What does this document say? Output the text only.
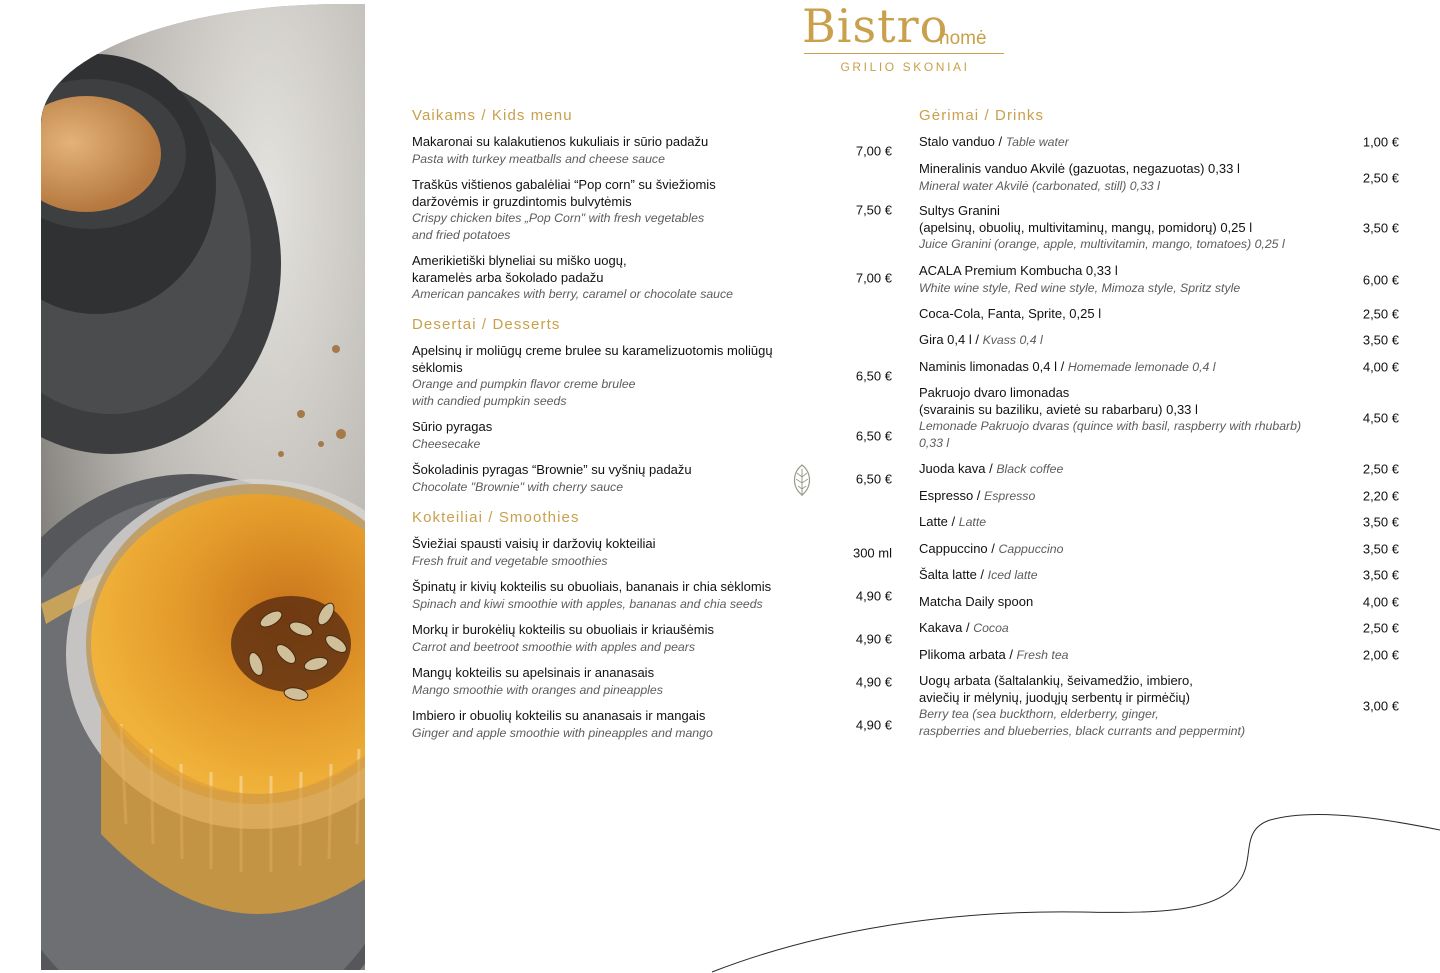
Bistro
nomė
GRILIO SKONIAI
Vaikams / Kids menu
Makaronai su kalakutienos kukuliais ir sūrio padažu
Pasta with turkey meatballs and cheese sauce
7,00 €
Traškūs vištienos gabalėliai “Pop corn” su šviežiomis
daržovėmis ir gruzdintomis bulvytėmis
Crispy chicken bites „Pop Corn" with fresh vegetables
and fried potatoes
7,50 €
Amerikietiški blyneliai su miško uogų,
karamelės arba šokolado padažu
American pancakes with berry, caramel or chocolate sauce
7,00 €
Desertai / Desserts
Apelsinų ir moliūgų creme brulee su karamelizuotomis moliūgų
sėklomis
Orange and pumpkin flavor creme brulee
with candied pumpkin seeds
6,50 €
Sūrio pyragas
Cheesecake
6,50 €
Šokoladinis pyragas “Brownie” su vyšnių padažu
Chocolate "Brownie" with cherry sauce
6,50 €
Kokteiliai / Smoothies
Šviežiai spausti vaisių ir daržovių kokteiliai
Fresh fruit and vegetable smoothies
300 ml
Špinatų ir kivių kokteilis su obuoliais, bananais ir chia sėklomis
Spinach and kiwi smoothie with apples, bananas and chia seeds
4,90 €
Morkų ir burokėlių kokteilis su obuoliais ir kriaušėmis
Carrot and beetroot smoothie with apples and pears
4,90 €
Mangų kokteilis su apelsinais ir ananasais
Mango smoothie with oranges and pineapples
4,90 €
Imbiero ir obuolių kokteilis su ananasais ir mangais
Ginger and apple smoothie with pineapples and mango
4,90 €
Gėrimai / Drinks
Stalo vanduo / Table water	1,00 €
Mineralinis vanduo Akvilė (gazuotas, negazuotas) 0,33 l
Mineral water Akvilė (carbonated, still) 0,33 l
2,50 €
Sultys Granini
(apelsinų, obuolių, multivitaminų, mangų, pomidorų) 0,25 l
Juice Granini (orange, apple, multivitamin, mango, tomatoes) 0,25 l
3,50 €
ACALA Premium Kombucha 0,33 l
White wine style, Red wine style, Mimoza style, Spritz style
6,00 €
Coca-Cola, Fanta, Sprite, 0,25 l	2,50 €
Gira 0,4 l / Kvass 0,4 l	3,50 €
Naminis limonadas 0,4 l / Homemade lemonade 0,4 l	4,00 €
Pakruojo dvaro limonadas
(svarainis su baziliku, avietė su rabarbaru) 0,33 l
Lemonade Pakruojo dvaras (quince with basil, raspberry with rhubarb)
0,33 l
4,50 €
Juoda kava / Black coffee	2,50 €
Espresso / Espresso	2,20 €
Latte / Latte	3,50 €
Cappuccino / Cappuccino	3,50 €
Šalta latte / Iced latte	3,50 €
Matcha Daily spoon	4,00 €
Kakava / Cocoa	2,50 €
Plikoma arbata / Fresh tea	2,00 €
Uogų arbata (šaltalankių, šeivamedžio, imbiero,
aviečių ir mėlynių, juodųjų serbentų ir pirmėčių)
Berry tea (sea buckthorn, elderberry, ginger,
raspberries and blueberries, black currants and peppermint)
3,00 €
